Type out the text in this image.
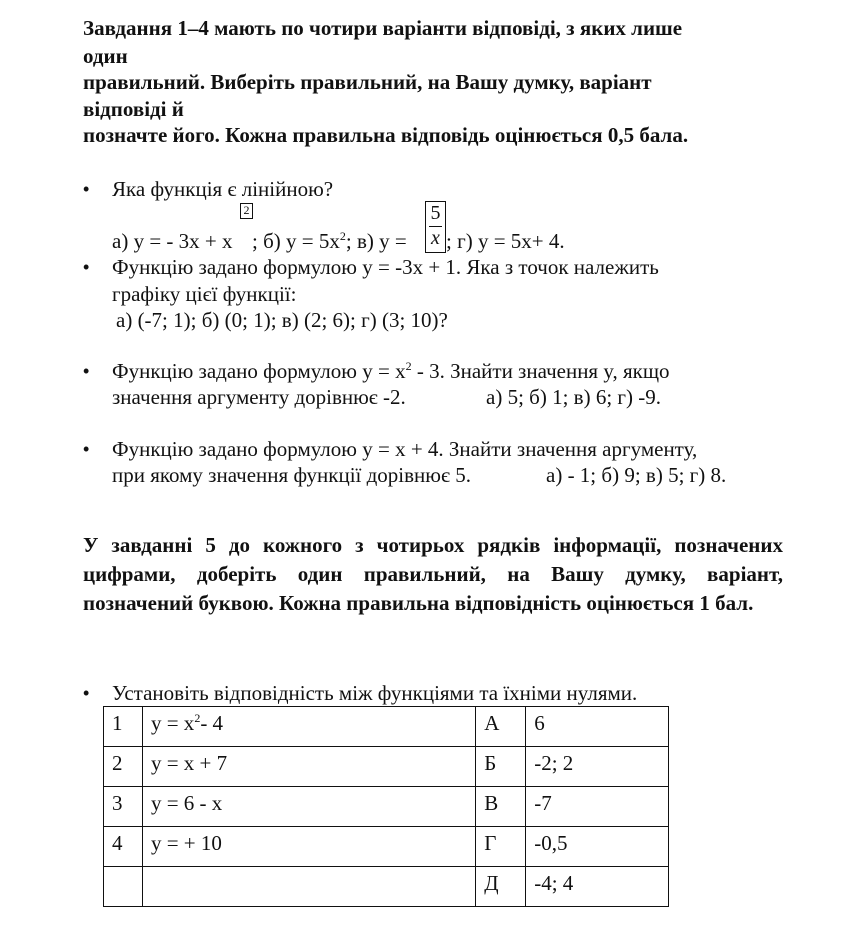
Завдання 1–4 мають по чотири варіанти відповіді, з яких лише

один

правильний. Виберіть правильний, на Вашу думку, варіант

відповіді й

позначте його. Кожна правильна відповідь оцінюється 0,5 бала.

• Яка функція є лінійною?

а) y = - 3x + x

2

; б) $y = 5x^2$; в) y =

5
x ; г) y = 5x+ 4.

• Функцію задано формулою y = -3x + 1. Яка з точок належить

графіку цієї функції:

а) (-7; 1); б) (0; 1); в) (2; 6); г) (3; 10)?

• Функцію задано формулою $y = x^2 - 3$. Знайти значення y, якщо

значення аргументу дорівнює -2.	а) 5; б) 1; в) 6; г) -9.

• Функцію задано формулою y = x + 4. Знайти значення аргументу,

при якому значення функції дорівнює 5.	а) - 1; б) 9; в) 5; г) 8.

У завданні 5 до кожного з чотирьох рядків інформації, позначених цифрами, доберіть один правильний, на Вашу думку, варіант, позначений буквою. Кожна правильна відповідність оцінюється 1 бал.

• Установіть відповідність між функціями та їхніми нулями.

1	$y = x^2-$ 4	А	6
2	y = x + 7	Б	-2; 2
3	y = 6 - x	В	-7
4	y = + 10	Г	-0,5
		Д	-4; 4
